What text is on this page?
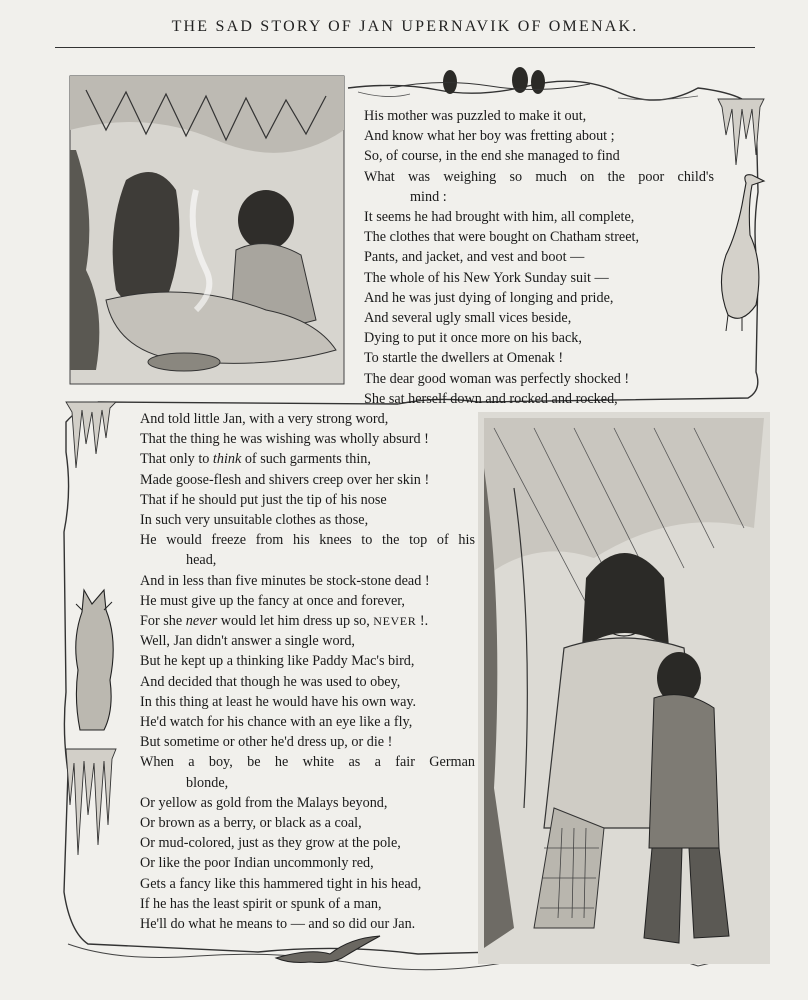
THE SAD STORY OF JAN UPERNAVIK OF OMENAK.
His mother was puzzled to make it out,
And know what her boy was fretting about ;
So, of course, in the end she managed to find
What was weighing so much on the poor child's
mind :
It seems he had brought with him, all complete,
The clothes that were bought on Chatham street,
Pants, and jacket, and vest and boot —
The whole of his New York Sunday suit —
And he was just dying of longing and pride,
And several ugly small vices beside,
Dying to put it once more on his back,
To startle the dwellers at Omenak !
The dear good woman was perfectly shocked !
She sat herself down and rocked and rocked,
And told little Jan, with a very strong word,
That the thing he was wishing was wholly absurd !
That only to think of such garments thin,
Made goose-flesh and shivers creep over her skin !
That if he should put just the tip of his nose
In such very unsuitable clothes as those,
He would freeze from his knees to the top of his
head,
And in less than five minutes be stock-stone dead !
He must give up the fancy at once and forever,
For she never would let him dress up so, NEVER !.
Well, Jan didn't answer a single word,
But he kept up a thinking like Paddy Mac's bird,
And decided that though he was used to obey,
In this thing at least he would have his own way.
He'd watch for his chance with an eye like a fly,
But sometime or other he'd dress up, or die !
When a boy, be he white as a fair German
blonde,
Or yellow as gold from the Malays beyond,
Or brown as a berry, or black as a coal,
Or mud-colored, just as they grow at the pole,
Or like the poor Indian uncommonly red,
Gets a fancy like this hammered tight in his head,
If he has the least spirit or spunk of a man,
He'll do what he means to — and so did our Jan.
